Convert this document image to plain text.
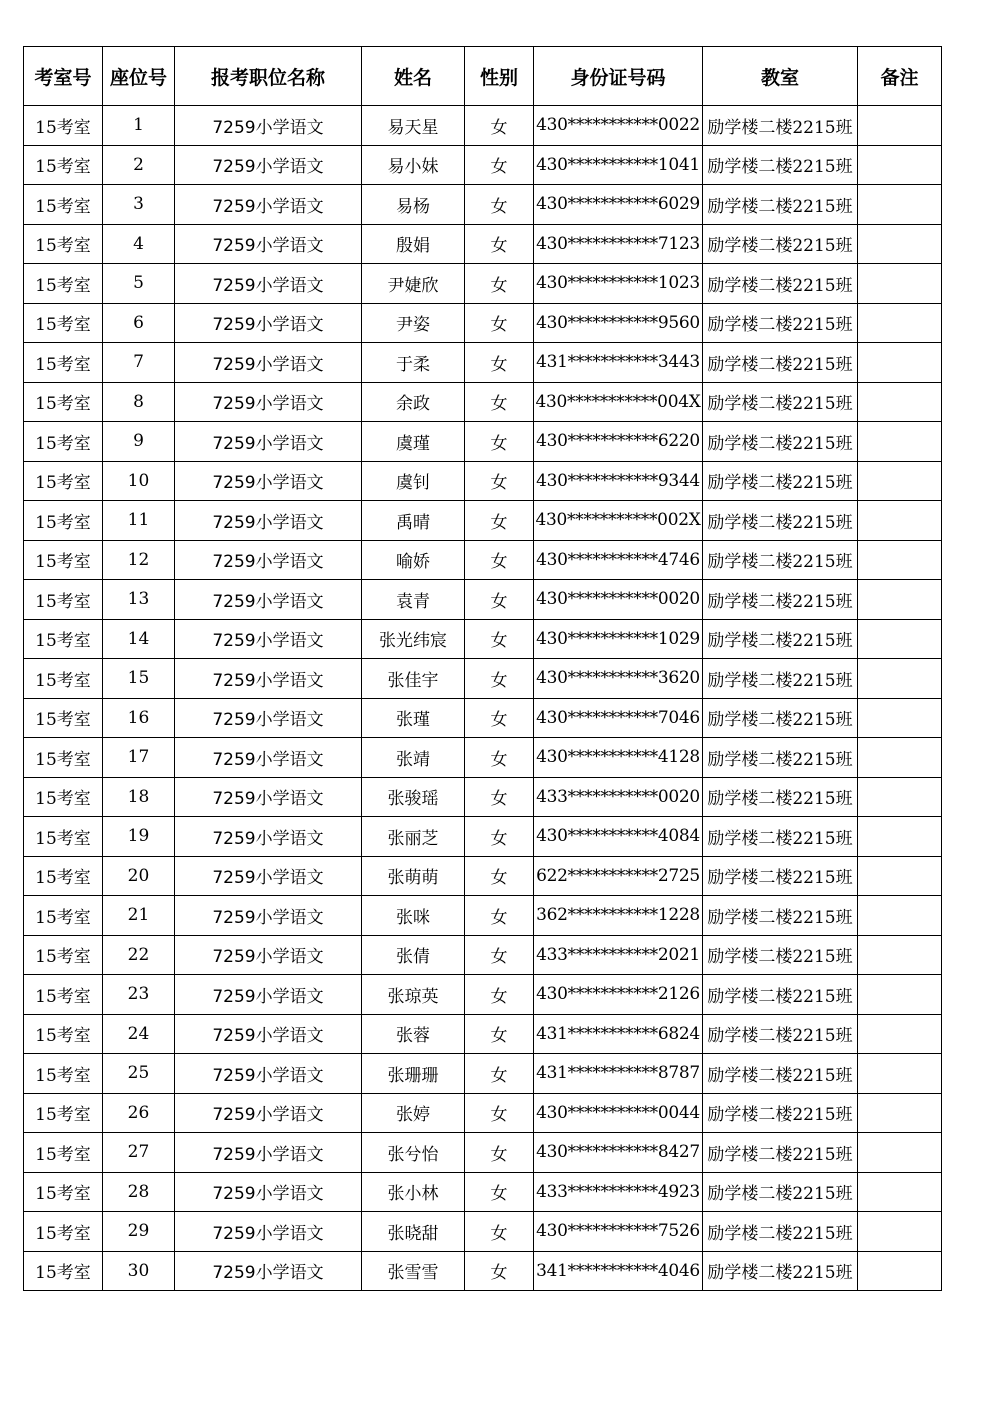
考室号	座位号	报考职位名称	姓名	性别	身份证号码	教室	备注
15考室	1	7259小学语文	易天星	女	430***********0022	励学楼二楼2215班	
15考室	2	7259小学语文	易小妹	女	430***********1041	励学楼二楼2215班	
15考室	3	7259小学语文	易杨	女	430***********6029	励学楼二楼2215班	
15考室	4	7259小学语文	殷娟	女	430***********7123	励学楼二楼2215班	
15考室	5	7259小学语文	尹婕欣	女	430***********1023	励学楼二楼2215班	
15考室	6	7259小学语文	尹姿	女	430***********9560	励学楼二楼2215班	
15考室	7	7259小学语文	于柔	女	431***********3443	励学楼二楼2215班	
15考室	8	7259小学语文	余政	女	430***********004X	励学楼二楼2215班	
15考室	9	7259小学语文	虞瑾	女	430***********6220	励学楼二楼2215班	
15考室	10	7259小学语文	虞钊	女	430***********9344	励学楼二楼2215班	
15考室	11	7259小学语文	禹晴	女	430***********002X	励学楼二楼2215班	
15考室	12	7259小学语文	喻娇	女	430***********4746	励学楼二楼2215班	
15考室	13	7259小学语文	袁青	女	430***********0020	励学楼二楼2215班	
15考室	14	7259小学语文	张光纬宸	女	430***********1029	励学楼二楼2215班	
15考室	15	7259小学语文	张佳宇	女	430***********3620	励学楼二楼2215班	
15考室	16	7259小学语文	张瑾	女	430***********7046	励学楼二楼2215班	
15考室	17	7259小学语文	张靖	女	430***********4128	励学楼二楼2215班	
15考室	18	7259小学语文	张骏瑶	女	433***********0020	励学楼二楼2215班	
15考室	19	7259小学语文	张丽芝	女	430***********4084	励学楼二楼2215班	
15考室	20	7259小学语文	张萌萌	女	622***********2725	励学楼二楼2215班	
15考室	21	7259小学语文	张咪	女	362***********1228	励学楼二楼2215班	
15考室	22	7259小学语文	张倩	女	433***********2021	励学楼二楼2215班	
15考室	23	7259小学语文	张琼英	女	430***********2126	励学楼二楼2215班	
15考室	24	7259小学语文	张蓉	女	431***********6824	励学楼二楼2215班	
15考室	25	7259小学语文	张珊珊	女	431***********8787	励学楼二楼2215班	
15考室	26	7259小学语文	张婷	女	430***********0044	励学楼二楼2215班	
15考室	27	7259小学语文	张兮怡	女	430***********8427	励学楼二楼2215班	
15考室	28	7259小学语文	张小林	女	433***********4923	励学楼二楼2215班	
15考室	29	7259小学语文	张晓甜	女	430***********7526	励学楼二楼2215班	
15考室	30	7259小学语文	张雪雪	女	341***********4046	励学楼二楼2215班	
